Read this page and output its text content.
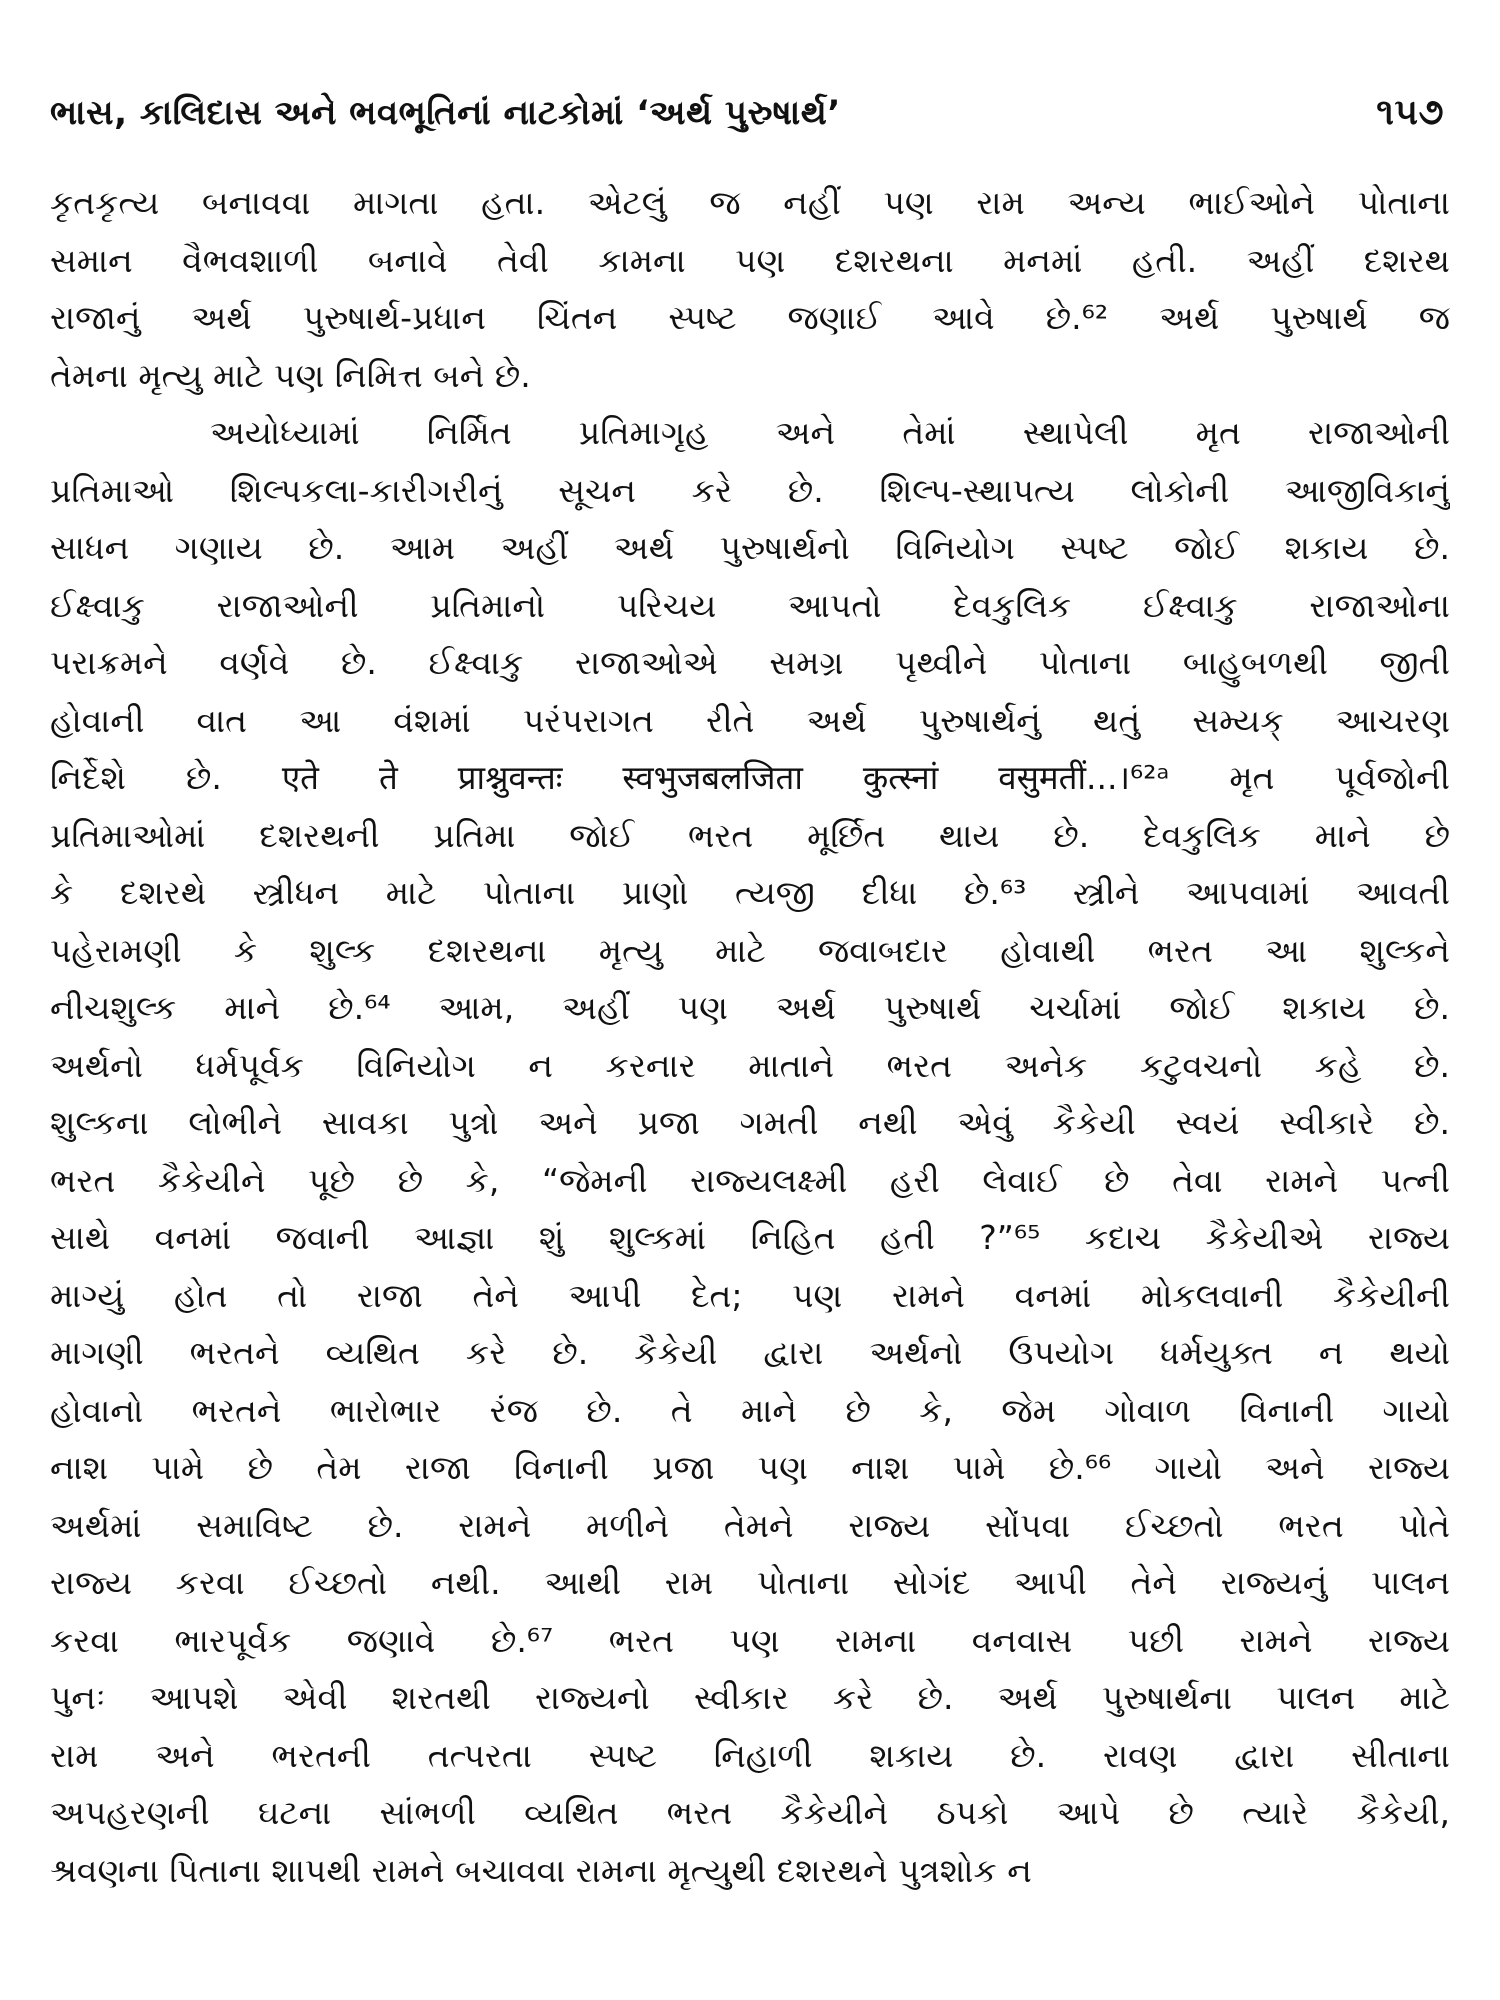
ભાસ, કાલિદાસ અને ભવભૂતિનાં નાટકોમાં ‘અર્થ પુરુષાર્થ’	૧૫૭
કૃતકૃત્ય બનાવવા માગતા હતા. એટલું જ નહીં પણ રામ અન્ય ભાઈઓને પોતાના
સમાન વૈભવશાળી બનાવે તેવી કામના પણ દશરથના મનમાં હતી. અહીં દશરથ
રાજાનું અર્થ પુરુષાર્થ-પ્રધાન ચિંતન સ્પષ્ટ જણાઈ આવે છે.⁶² અર્થ પુરુષાર્થ જ
તેમના મૃત્યુ માટે પણ નિમિત્ત બને છે.
અયોધ્યામાં નિર્મિત પ્રતિમાગૃહ અને તેમાં સ્થાપેલી મૃત રાજાઓની
પ્રતિમાઓ શિલ્પકલા-કારીગરીનું સૂચન કરે છે. શિલ્પ-સ્થાપત્ય લોકોની આજીવિકાનું
સાધન ગણાય છે. આમ અહીં અર્થ પુરુષાર્થનો વિનિયોગ સ્પષ્ટ જોઈ શકાય છે.
ઈક્ષ્વાકુ રાજાઓની પ્રતિમાનો પરિચય આપતો દેવકુલિક ઈક્ષ્વાકુ રાજાઓના
પરાક્રમને વર્ણવે છે. ઈક્ષ્વાકુ રાજાઓએ સમગ્ર પૃથ્વીને પોતાના બાહુબળથી જીતી
હોવાની વાત આ વંશમાં પરંપરાગત રીતે અર્થ પુરુષાર્થનું થતું સમ્યક્ આચરણ
નિર્દેશે છે. एते ते प्राश्नुवन्तः स्वभुजबलजिता कुत्स्नां वसुमतीं...।⁶²ᵃ મૃત પૂર્વજોની
પ્રતિમાઓમાં દશરથની પ્રતિમા જોઈ ભરત મૂર્છિત થાય છે. દેવકુલિક માને છે
કે દશરથે સ્ત્રીધન માટે પોતાના પ્રાણો ત્યજી દીધા છે.⁶³ સ્ત્રીને આપવામાં આવતી
પહેરામણી કે શુલ્ક દશરથના મૃત્યુ માટે જવાબદાર હોવાથી ભરત આ શુલ્કને
નીચશુલ્ક માને છે.⁶⁴ આમ, અહીં પણ અર્થ પુરુષાર્થ ચર્ચામાં જોઈ શકાય છે.
અર્થનો ધર્મપૂર્વક વિનિયોગ ન કરનાર માતાને ભરત અનેક કટુવચનો કહે છે.
શુલ્કના લોભીને સાવકા પુત્રો અને પ્રજા ગમતી નથી એવું કૈકેયી સ્વયં સ્વીકારે છે.
ભરત કૈકેયીને પૂછે છે કે, “જેમની રાજ્યલક્ષ્મી હરી લેવાઈ છે તેવા રામને પત્ની
સાથે વનમાં જવાની આજ્ઞા શું શુલ્કમાં નિહિત હતી ?”⁶⁵ કદાચ કૈકેયીએ રાજ્ય
માગ્યું હોત તો રાજા તેને આપી દેત; પણ રામને વનમાં મોકલવાની કૈકેયીની
માગણી ભરતને વ્યથિત કરે છે. કૈકેયી દ્વારા અર્થનો ઉપયોગ ધર્મયુક્ત ન થયો
હોવાનો ભરતને ભારોભાર રંજ છે. તે માને છે કે, જેમ ગોવાળ વિનાની ગાયો
નાશ પામે છે તેમ રાજા વિનાની પ્રજા પણ નાશ પામે છે.⁶⁶ ગાયો અને રાજ્ય
અર્થમાં સમાવિષ્ટ છે. રામને મળીને તેમને રાજ્ય સોંપવા ઈચ્છતો ભરત પોતે
રાજ્ય કરવા ઈચ્છતો નથી. આથી રામ પોતાના સોગંદ આપી તેને રાજ્યનું પાલન
કરવા ભારપૂર્વક જણાવે છે.⁶⁷ ભરત પણ રામના વનવાસ પછી રામને રાજ્ય
પુનઃ આપશે એવી શરતથી રાજ્યનો સ્વીકાર કરે છે. અર્થ પુરુષાર્થના પાલન માટે
રામ અને ભરતની તત્પરતા સ્પષ્ટ નિહાળી શકાય છે. રાવણ દ્વારા સીતાના
અપહરણની ઘટના સાંભળી વ્યથિત ભરત કૈકેયીને ઠપકો આપે છે ત્યારે કૈકેયી,
શ્રવણના પિતાના શાપથી રામને બચાવવા રામના મૃત્યુથી દશરથને પુત્રશોક ન
